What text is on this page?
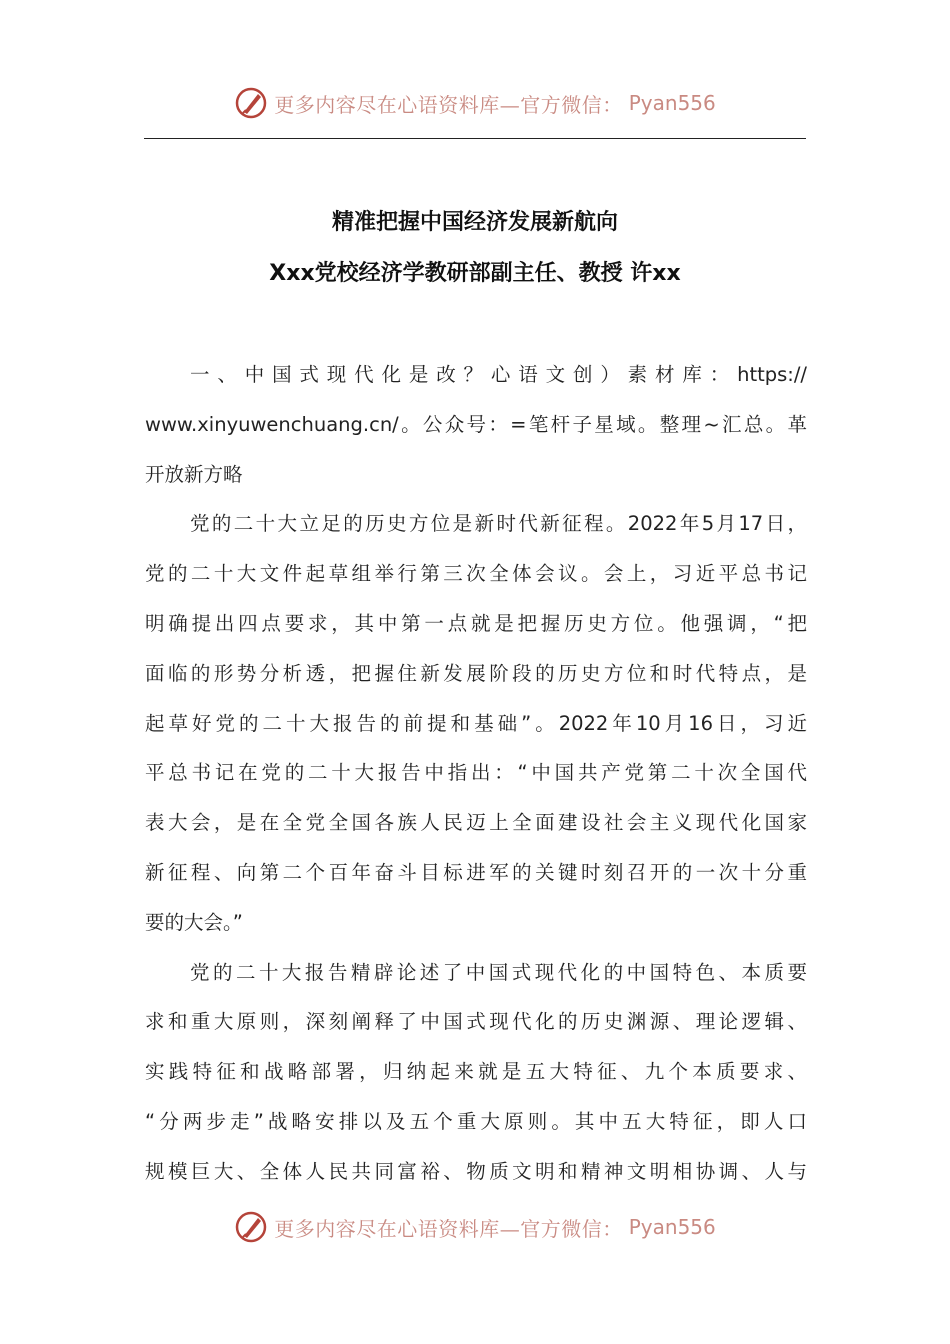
更多内容尽在心语资料库—官方微信： Pyan556
精准把握中国经济发展新航向
Xxx党校经济学教研部副主任、教授 许xx
一、中国式现代化是改？心语文创）素材库：https://
www.xinyuwenchuang.cn/。公众号：=笔杆子星域。整理~汇总。革
开放新方略
党的二十大立足的历史方位是新时代新征程。2022年5月17日，
党的二十大文件起草组举行第三次全体会议。会上，习近平总书记
明确提出四点要求，其中第一点就是把握历史方位。他强调，“把
面临的形势分析透，把握住新发展阶段的历史方位和时代特点，是
起草好党的二十大报告的前提和基础”。2022年10月16日，习近
平总书记在党的二十大报告中指出：“中国共产党第二十次全国代
表大会，是在全党全国各族人民迈上全面建设社会主义现代化国家
新征程、向第二个百年奋斗目标进军的关键时刻召开的一次十分重
要的大会。”
党的二十大报告精辟论述了中国式现代化的中国特色、本质要
求和重大原则，深刻阐释了中国式现代化的历史渊源、理论逻辑、
实践特征和战略部署，归纳起来就是五大特征、九个本质要求、
“分两步走”战略安排以及五个重大原则。其中五大特征，即人口
规模巨大、全体人民共同富裕、物质文明和精神文明相协调、人与
更多内容尽在心语资料库—官方微信： Pyan556
